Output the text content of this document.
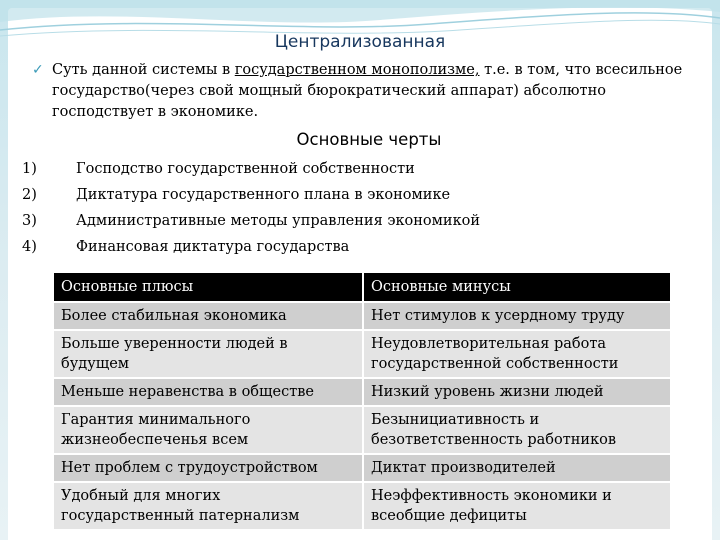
Централизованная
✓ Суть данной системы в государственном монополизме, т.е. в том, что всесильное государство(через свой мощный бюрократический аппарат) абсолютно господствует в экономике.
Основные черты
1)	Господство государственной собственности
2)	Диктатура государственного плана в экономике
3)	Административные методы управления экономикой
4)	Финансовая диктатура государства
Основные плюсы	Основные минусы
Более стабильная экономика	Нет стимулов к усердному труду
Больше уверенности людей в будущем	Неудовлетворительная работа государственной собственности
Меньше неравенства в обществе	Низкий уровень жизни людей
Гарантия минимального жизнеобеспеченья всем	Безынициативность и безответственность работников
Нет проблем с трудоустройством	Диктат производителей
Удобный для многих государственный патернализм	Неэффективность экономики и всеобщие дефициты
